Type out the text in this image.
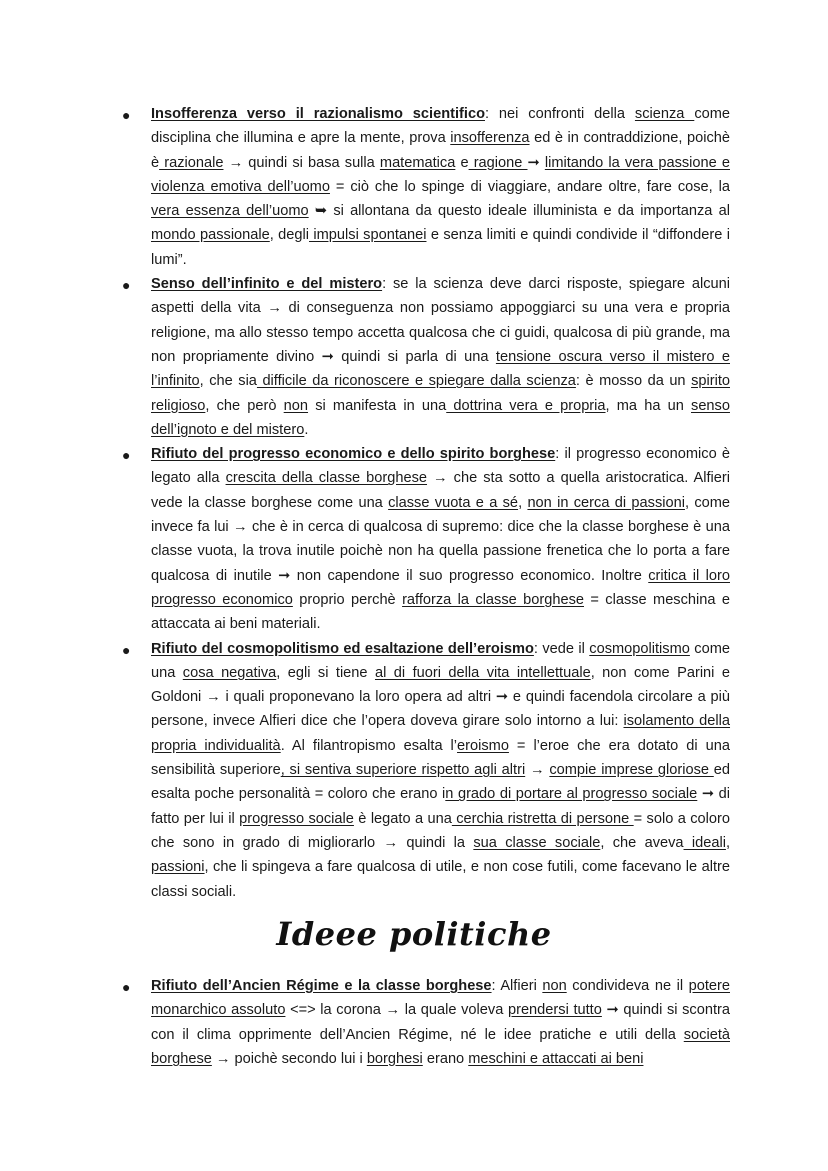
● Insofferenza verso il razionalismo scientifico: nei confronti della scienza come disciplina che illumina e apre la mente, prova insofferenza ed è in contraddizione, poichè è razionale → quindi si basa sulla matematica e ragione ➞ limitando la vera passione e violenza emotiva dell’uomo = ciò che lo spinge di viaggiare, andare oltre, fare cose, la vera essenza dell’uomo ➥ si allontana da questo ideale illuminista e da importanza al mondo passionale, degli impulsi spontanei e senza limiti e quindi condivide il “diffondere i lumi”.

● Senso dell’infinito e del mistero: se la scienza deve darci risposte, spiegare alcuni aspetti della vita → di conseguenza non possiamo appoggiarci su una vera e propria religione, ma allo stesso tempo accetta qualcosa che ci guidi, qualcosa di più grande, ma non propriamente divino ➞ quindi si parla di una tensione oscura verso il mistero e l’infinito, che sia difficile da riconoscere e spiegare dalla scienza: è mosso da un spirito religioso, che però non si manifesta in una dottrina vera e propria, ma ha un senso dell’ignoto e del mistero.

● Rifiuto del progresso economico e dello spirito borghese: il progresso economico è legato alla crescita della classe borghese → che sta sotto a quella aristocratica. Alfieri vede la classe borghese come una classe vuota e a sé, non in cerca di passioni, come invece fa lui → che è in cerca di qualcosa di supremo: dice che la classe borghese è una classe vuota, la trova inutile poichè non ha quella passione frenetica che lo porta a fare qualcosa di inutile ➞ non capendone il suo progresso economico. Inoltre critica il loro progresso economico proprio perchè rafforza la classe borghese = classe meschina e attaccata ai beni materiali.

● Rifiuto del cosmopolitismo ed esaltazione dell’eroismo: vede il cosmopolitismo come una cosa negativa, egli si tiene al di fuori della vita intellettuale, non come Parini e Goldoni → i quali proponevano la loro opera ad altri ➞ e quindi facendola circolare a più persone, invece Alfieri dice che l’opera doveva girare solo intorno a lui: isolamento della propria individualità. Al filantropismo esalta l’eroismo = l’eroe che era dotato di una sensibilità superiore, si sentiva superiore rispetto agli altri → compie imprese gloriose ed esalta poche personalità = coloro che erano in grado di portare al progresso sociale ➞ di fatto per lui il progresso sociale è legato a una cerchia ristretta di persone = solo a coloro che sono in grado di migliorarlo → quindi la sua classe sociale, che aveva ideali, passioni, che li spingeva a fare qualcosa di utile, e non cose futili, come facevano le altre classi sociali.

Ideee politiche
● Rifiuto dell’Ancien Régime e la classe borghese: Alfieri non condivideva ne il potere monarchico assoluto <=> la corona → la quale voleva prendersi tutto ➞ quindi si scontra con il clima opprimente dell’Ancien Régime, né le idee pratiche e utili della società borghese → poichè secondo lui i borghesi erano meschini e attaccati ai beni
